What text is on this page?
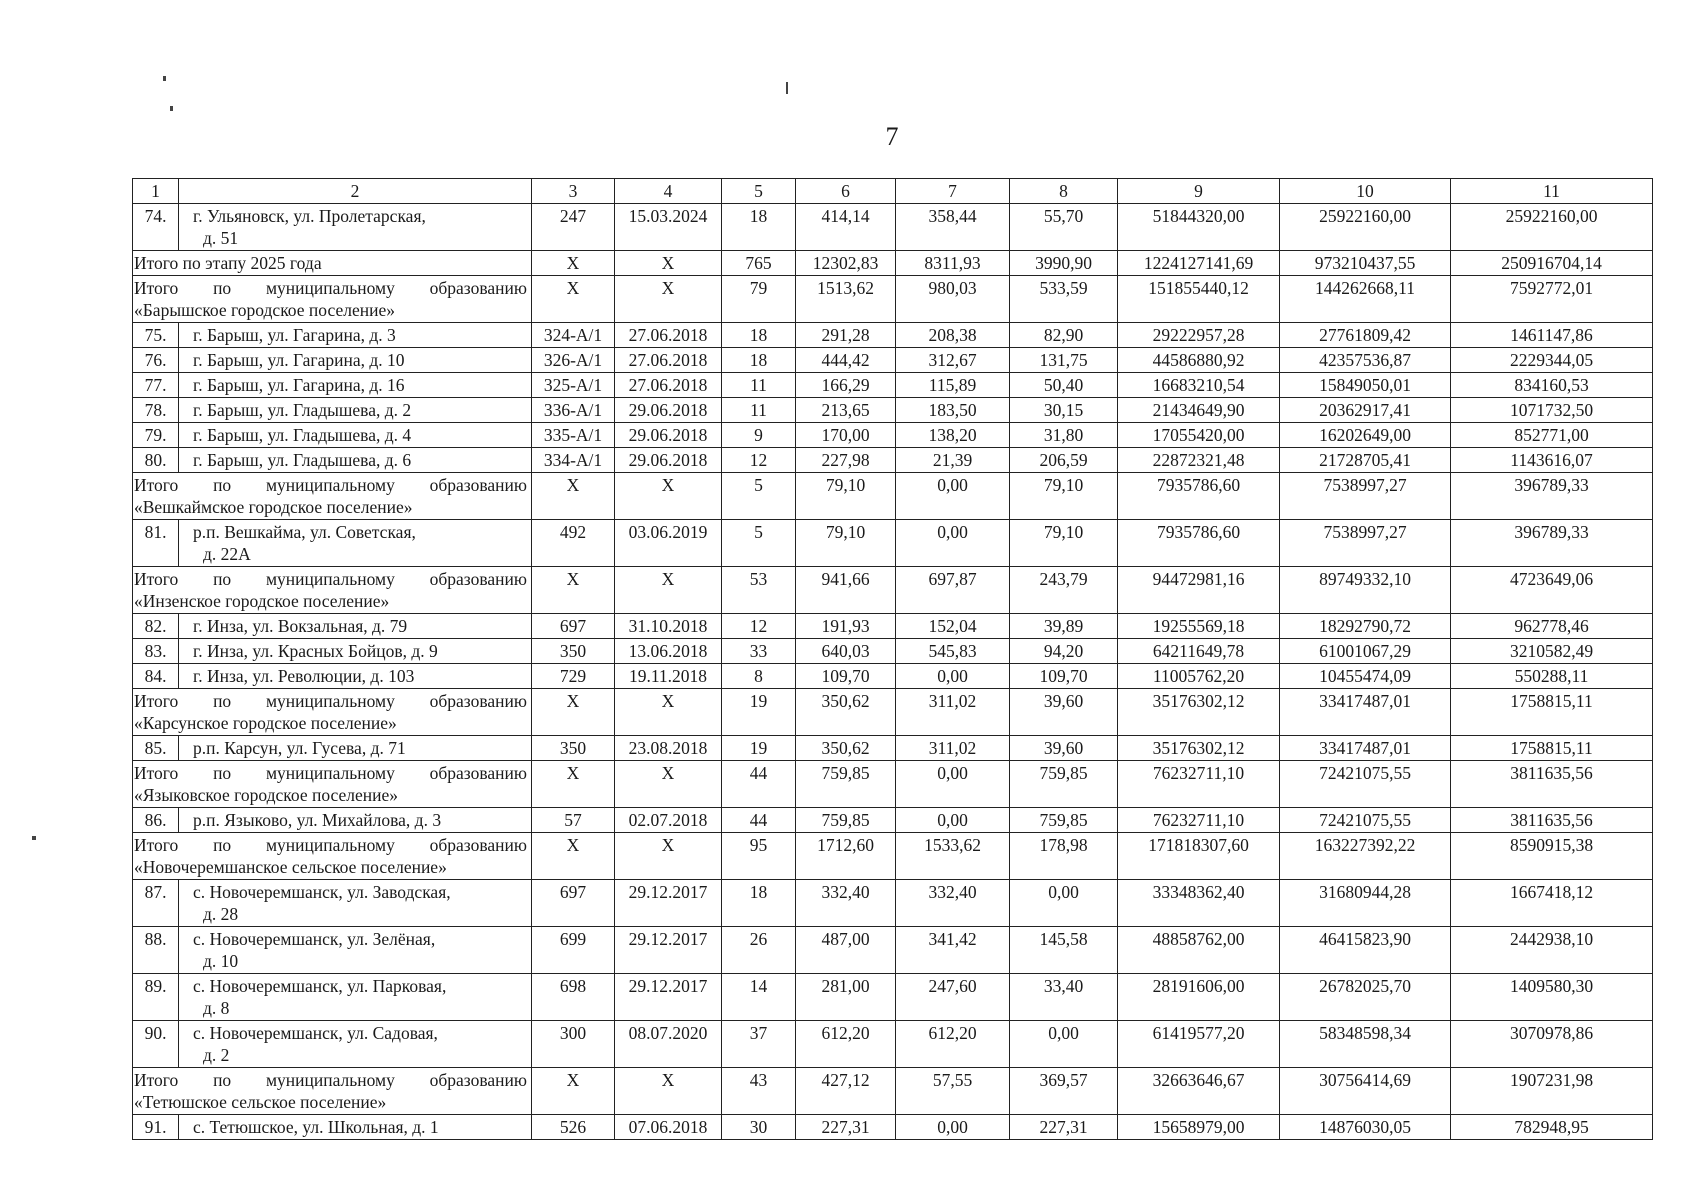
7
1	2	3	4	5	6	7	8	9	10	11
74.	г. Ульяновск, ул. Пролетарская,
д. 51	247	15.03.2024	18	414,14	358,44	55,70	51844320,00	25922160,00	25922160,00
Итого по этапу 2025 года		X	X	765	12302,83	8311,93	3990,90	1224127141,69	973210437,55	250916704,14

Итого по муниципальному образованию
«Барышское городское поселение»		X	X	79	1513,62	980,03	533,59	151855440,12	144262668,11	7592772,01
75.	г. Барыш, ул. Гагарина, д. 3	324-А/1	27.06.2018	18	291,28	208,38	82,90	29222957,28	27761809,42	1461147,86
76.	г. Барыш, ул. Гагарина, д. 10	326-А/1	27.06.2018	18	444,42	312,67	131,75	44586880,92	42357536,87	2229344,05
77.	г. Барыш, ул. Гагарина, д. 16	325-А/1	27.06.2018	11	166,29	115,89	50,40	16683210,54	15849050,01	834160,53
78.	г. Барыш, ул. Гладышева, д. 2	336-А/1	29.06.2018	11	213,65	183,50	30,15	21434649,90	20362917,41	1071732,50
79.	г. Барыш, ул. Гладышева, д. 4	335-А/1	29.06.2018	9	170,00	138,20	31,80	17055420,00	16202649,00	852771,00
80.	г. Барыш, ул. Гладышева, д. 6	334-А/1	29.06.2018	12	227,98	21,39	206,59	22872321,48	21728705,41	1143616,07

Итого по муниципальному образованию
«Вешкаймское городское поселение»		X	X	5	79,10	0,00	79,10	7935786,60	7538997,27	396789,33
81.	р.п. Вешкайма, ул. Советская,
д. 22А	492	03.06.2019	5	79,10	0,00	79,10	7935786,60	7538997,27	396789,33

Итого по муниципальному образованию
«Инзенское городское поселение»		X	X	53	941,66	697,87	243,79	94472981,16	89749332,10	4723649,06
82.	г. Инза, ул. Вокзальная, д. 79	697	31.10.2018	12	191,93	152,04	39,89	19255569,18	18292790,72	962778,46
83.	г. Инза, ул. Красных Бойцов, д. 9	350	13.06.2018	33	640,03	545,83	94,20	64211649,78	61001067,29	3210582,49
84.	г. Инза, ул. Революции, д. 103	729	19.11.2018	8	109,70	0,00	109,70	11005762,20	10455474,09	550288,11

Итого по муниципальному образованию
«Карсунское городское поселение»		X	X	19	350,62	311,02	39,60	35176302,12	33417487,01	1758815,11
85.	р.п. Карсун, ул. Гусева, д. 71	350	23.08.2018	19	350,62	311,02	39,60	35176302,12	33417487,01	1758815,11

Итого по муниципальному образованию
«Языковское городское поселение»		X	X	44	759,85	0,00	759,85	76232711,10	72421075,55	3811635,56
86.	р.п. Языково, ул. Михайлова, д. 3	57	02.07.2018	44	759,85	0,00	759,85	76232711,10	72421075,55	3811635,56

Итого по муниципальному образованию
«Новочеремшанское сельское поселение»		X	X	95	1712,60	1533,62	178,98	171818307,60	163227392,22	8590915,38
87.	с. Новочеремшанск, ул. Заводская,
д. 28	697	29.12.2017	18	332,40	332,40	0,00	33348362,40	31680944,28	1667418,12
88.	с. Новочеремшанск, ул. Зелёная,
д. 10	699	29.12.2017	26	487,00	341,42	145,58	48858762,00	46415823,90	2442938,10
89.	с. Новочеремшанск, ул. Парковая,
д. 8	698	29.12.2017	14	281,00	247,60	33,40	28191606,00	26782025,70	1409580,30
90.	с. Новочеремшанск, ул. Садовая,
д. 2	300	08.07.2020	37	612,20	612,20	0,00	61419577,20	58348598,34	3070978,86

Итого по муниципальному образованию
«Тетюшское сельское поселение»		X	X	43	427,12	57,55	369,57	32663646,67	30756414,69	1907231,98
91.	с. Тетюшское, ул. Школьная, д. 1	526	07.06.2018	30	227,31	0,00	227,31	15658979,00	14876030,05	782948,95
